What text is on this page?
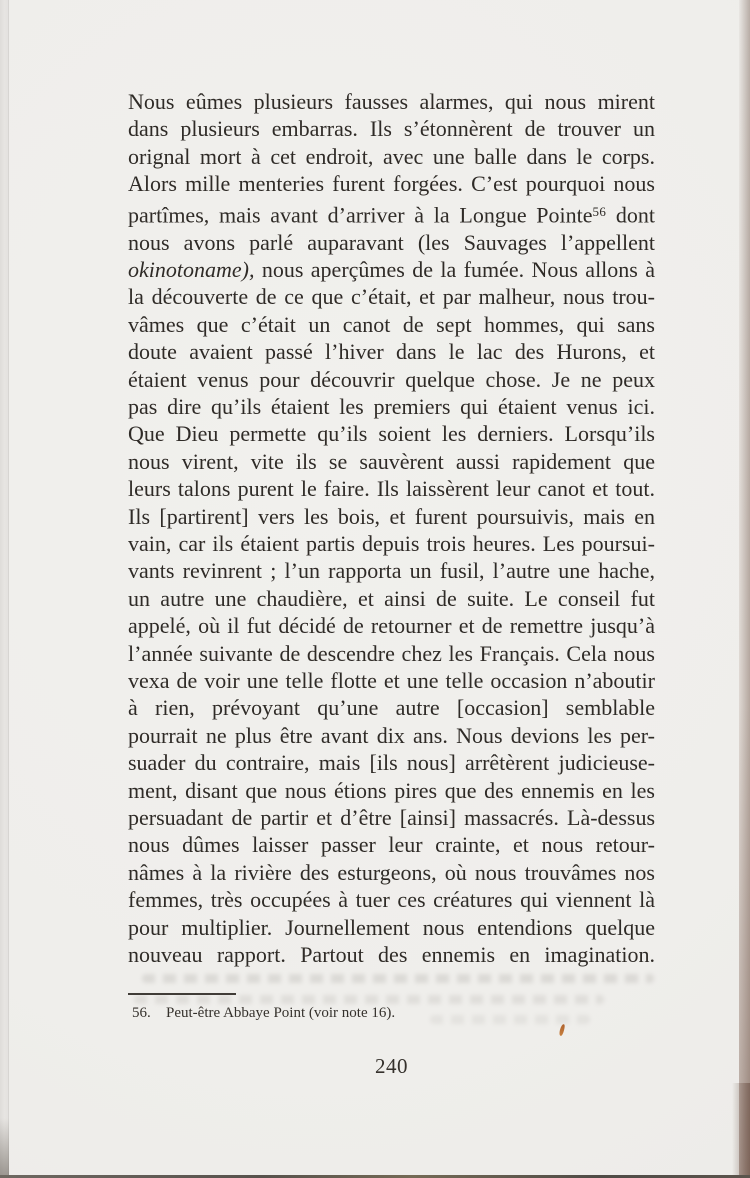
Nous eûmes plusieurs fausses alarmes, qui nous mirent
dans plusieurs embarras. Ils s’étonnèrent de trouver un
orignal mort à cet endroit, avec une balle dans le corps.
Alors mille menteries furent forgées. C’est pourquoi nous
partîmes, mais avant d’arriver à la Longue Pointe$^{56}$ dont
nous avons parlé auparavant (les Sauvages l’appellent
okinotoname), nous aperçûmes de la fumée. Nous allons à
la découverte de ce que c’était, et par malheur, nous trou-
vâmes que c’était un canot de sept hommes, qui sans
doute avaient passé l’hiver dans le lac des Hurons, et
étaient venus pour découvrir quelque chose. Je ne peux
pas dire qu’ils étaient les premiers qui étaient venus ici.
Que Dieu permette qu’ils soient les derniers. Lorsqu’ils
nous virent, vite ils se sauvèrent aussi rapidement que
leurs talons purent le faire. Ils laissèrent leur canot et tout.
Ils [partirent] vers les bois, et furent poursuivis, mais en
vain, car ils étaient partis depuis trois heures. Les poursui-
vants revinrent ; l’un rapporta un fusil, l’autre une hache,
un autre une chaudière, et ainsi de suite. Le conseil fut
appelé, où il fut décidé de retourner et de remettre jusqu’à
l’année suivante de descendre chez les Français. Cela nous
vexa de voir une telle flotte et une telle occasion n’aboutir
à rien, prévoyant qu’une autre [occasion] semblable
pourrait ne plus être avant dix ans. Nous devions les per-
suader du contraire, mais [ils nous] arrêtèrent judicieuse-
ment, disant que nous étions pires que des ennemis en les
persuadant de partir et d’être [ainsi] massacrés. Là-dessus
nous dûmes laisser passer leur crainte, et nous retour-
nâmes à la rivière des esturgeons, où nous trouvâmes nos
femmes, très occupées à tuer ces créatures qui viennent là
pour multiplier. Journellement nous entendions quelque
nouveau rapport. Partout des ennemis en imagination.
56. Peut-être Abbaye Point (voir note 16).
240
